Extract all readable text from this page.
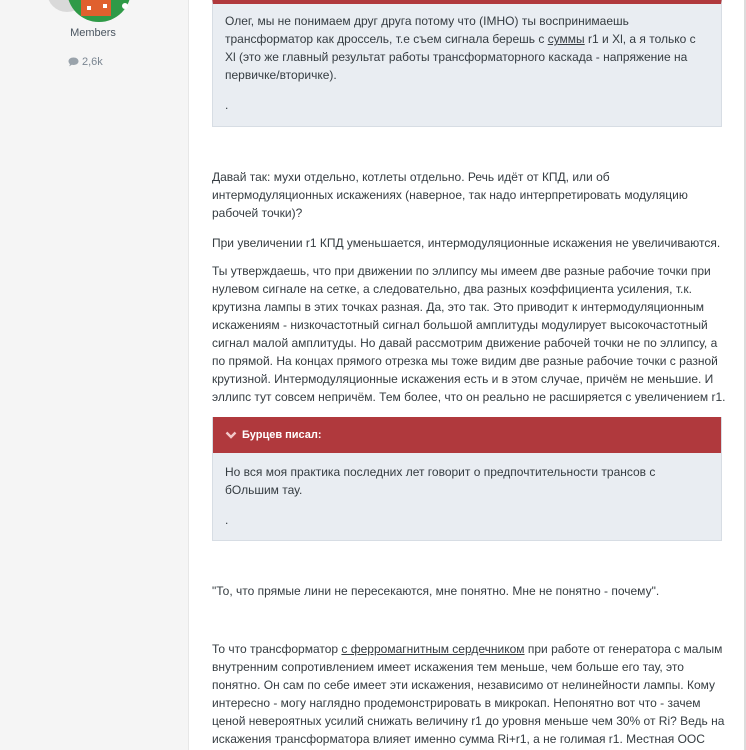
Members
2,6k
Олег, мы не понимаем друг друга потому что (IMHO) ты воспринимаешь трансформатор как дроссель, т.е съем сигнала берешь с суммы r1 и Xl, а я только с Xl (это же главный результат работы трансформаторного каскада - напряжение на первичке/вторичке).
.

Давай так: мухи отдельно, котлеты отдельно. Речь идёт от КПД, или об интермодуляционных искажениях (наверное, так надо интерпретировать модуляцию рабочей точки)?

При увеличении r1 КПД уменьшается, интермодуляционные искажения не увеличиваются.

Ты утверждаешь, что при движении по эллипсу мы имеем две разные рабочие точки при нулевом сигнале на сетке, а следовательно, два разных коэффициента усиления, т.к. крутизна лампы в этих точках разная. Да, это так. Это приводит к интермодуляционным искажениям - низкочастотный сигнал большой амплитуды модулирует высокочастотный сигнал малой амплитуды. Но давай рассмотрим движение рабочей точки не по эллипсу, а по прямой. На концах прямого отрезка мы тоже видим две разные рабочие точки с разной крутизной. Интермодуляционные искажения есть и в этом случае, причём не меньшие. И эллипс тут совсем непричём. Тем более, что он реально не расширяется с увеличением r1.

Бурцев писал:
Но вся моя практика последних лет говорит о предпочтительности трансов с бОльшим тау.
.

"То, что прямые лини не пересекаются, мне понятно. Мне не понятно - почему".

То что трансформатор с ферромагнитным сердечником при работе от генератора с малым внутренним сопротивлением имеет искажения тем меньше, чем больше его тау, это понятно. Он сам по себе имеет эти искажения, независимо от нелинейности лампы. Кому интересно - могу наглядно продемонстрировать в микрокап. Непонятно вот что - зачем ценой невероятных усилий снижать величину r1 до уровня меньше чем 30% от Ri? Ведь на искажения трансформатора влияет именно сумма Ri+r1, а не голимая r1. Местная ООС
